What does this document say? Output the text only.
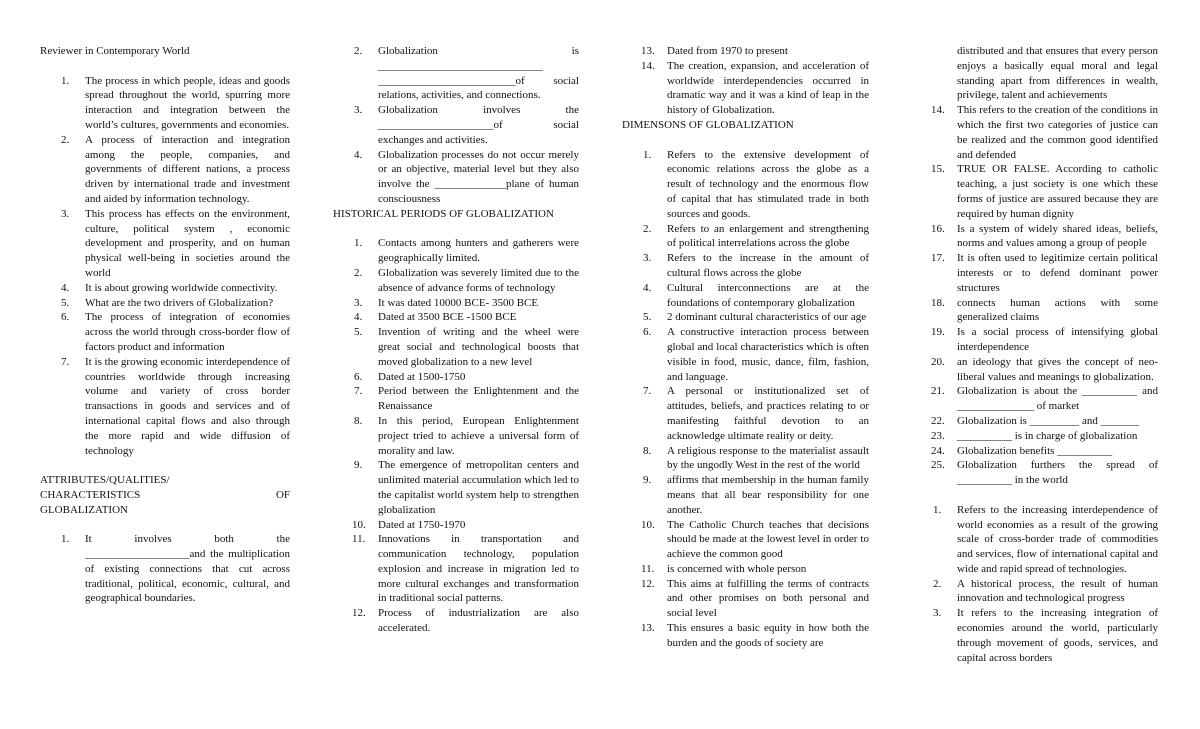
Reviewer in Contemporary World

1.	The process in which people, ideas and goods spread throughout the world, spurring more interaction and integration between the world’s cultures, governments and economies.
2.	A process of interaction and integration among the people, companies, and governments of different nations, a process driven by international trade and investment and aided by information technology.
3.	This process has effects on the environment, culture, political system , economic development and prosperity, and on human physical well-being in societies around the world
4.	It is about growing worldwide connectivity.
5.	What are the two drivers of Globalization?
6.	The process of integration of economies across the world through cross-border flow of factors product and information
7.	It is the growing economic interdependence of countries worldwide through increasing volume and variety of cross border transactions in goods and services and of international capital flows and also through the more rapid and wide diffusion of technology

ATTRIBUTES/QUALITIES/

CHARACTERISTICS OF

GLOBALIZATION

1.	It involves both the ___________________and the multiplication of existing connections that cut across traditional, political, economic, cultural, and geographical boundaries.
2.	Globalization is ______________________________ _________________________of social relations, activities, and connections.
3.	Globalization involves the _____________________of social exchanges and activities.
4.	Globalization processes do not occur merely or an objective, material level but they also involve the _____________plane of human consciousness

HISTORICAL PERIODS OF GLOBALIZATION

1.	Contacts among hunters and gatherers were geographically limited.
2.	Globalization was severely limited due to the absence of advance forms of technology
3.	It was dated 10000 BCE- 3500 BCE
4.	Dated at 3500 BCE -1500 BCE
5.	Invention of writing and the wheel were great social and technological boosts that moved globalization to a new level
6.	Dated at 1500-1750
7.	Period between the Enlightenment and the Renaissance
8.	In this period, European Enlightenment project tried to achieve a universal form of morality and law.
9.	The emergence of metropolitan centers and unlimited material accumulation which led to the capitalist world system help to strengthen globalization
10.	Dated at 1750-1970
11.	Innovations in transportation and communication technology, population explosion and increase in migration led to more cultural exchanges and transformation in traditional social patterns.
12.	Process of industrialization are also accelerated.
13.	Dated from 1970 to present
14.	The creation, expansion, and acceleration of worldwide interdependencies occurred in dramatic way and it was a kind of leap in the history of Globalization.

DIMENSONS OF GLOBALIZATION

1.	Refers to the extensive development of economic relations across the globe as a result of technology and the enormous flow of capital that has stimulated trade in both sources and goods.
2.	Refers to an enlargement and strengthening of political interrelations across the globe
3.	Refers to the increase in the amount of cultural flows across the globe
4.	Cultural interconnections are at the foundations of contemporary globalization
5.	2 dominant cultural characteristics of our age
6.	A constructive interaction process between global and local characteristics which is often visible in food, music, dance, film, fashion, and language.
7.	A personal or institutionalized set of attitudes, beliefs, and practices relating to or manifesting faithful devotion to an acknowledge ultimate reality or deity.
8.	A religious response to the materialist assault by the ungodly West in the rest of the world
9.	affirms that membership in the human family means that all bear responsibility for one another.
10.	The Catholic Church teaches that decisions should be made at the lowest level in order to achieve the common good
11.	is concerned with whole person
12.	This aims at fulfilling the terms of contracts and other promises on both personal and social level
13.	This ensures a basic equity in how both the burden and the goods of society are

distributed and that ensures that every person enjoys a basically equal moral and legal standing apart from differences in wealth, privilege, talent and achievements

14.	This refers to the creation of the conditions in which the first two categories of justice can be realized and the common good identified and defended
15.	TRUE OR FALSE. According to catholic teaching, a just society is one which these forms of justice are assured because they are required by human dignity
16.	Is a system of widely shared ideas, beliefs, norms and values among a group of people
17.	It is often used to legitimize certain political interests or to defend dominant power structures
18.	connects human actions with some generalized claims
19.	Is a social process of intensifying global interdependence
20.	an ideology that gives the concept of neo-liberal values and meanings to globalization.
21.	Globalization is about the __________ and ______________ of market
22.	Globalization is _________ and _______
23.	__________ is in charge of globalization
24.	Globalization benefits __________
25.	Globalization furthers the spread of __________ in the world
1.	Refers to the increasing interdependence of world economies as a result of the growing scale of cross-border trade of commodities and services, flow of international capital and wide and rapid spread of technologies.
2.	A historical process, the result of human innovation and technological progress
3.	It refers to the increasing integration of economies around the world, particularly through movement of goods, services, and capital across borders
